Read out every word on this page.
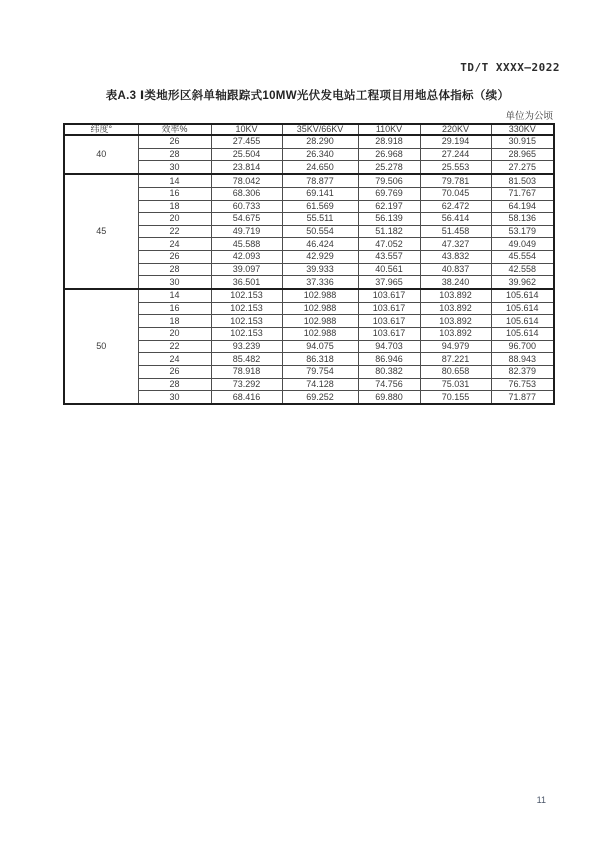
TD/T XXXX—2022
表A.3 Ⅰ类地形区斜单轴跟踪式10MW光伏发电站工程项目用地总体指标（续）
单位为公顷
纬度°	效率%	10KV	35KV/66KV	110KV	220KV	330KV
40	26	27.455	28.290	28.918	29.194	30.915
	28	25.504	26.340	26.968	27.244	28.965
	30	23.814	24.650	25.278	25.553	27.275
45	14	78.042	78.877	79.506	79.781	81.503
	16	68.306	69.141	69.769	70.045	71.767
	18	60.733	61.569	62.197	62.472	64.194
	20	54.675	55.511	56.139	56.414	58.136
	22	49.719	50.554	51.182	51.458	53.179
	24	45.588	46.424	47.052	47.327	49.049
	26	42.093	42.929	43.557	43.832	45.554
	28	39.097	39.933	40.561	40.837	42.558
	30	36.501	37.336	37.965	38.240	39.962
50	14	102.153	102.988	103.617	103.892	105.614
	16	102.153	102.988	103.617	103.892	105.614
	18	102.153	102.988	103.617	103.892	105.614
	20	102.153	102.988	103.617	103.892	105.614
	22	93.239	94.075	94.703	94.979	96.700
	24	85.482	86.318	86.946	87.221	88.943
	26	78.918	79.754	80.382	80.658	82.379
	28	73.292	74.128	74.756	75.031	76.753
	30	68.416	69.252	69.880	70.155	71.877
11
